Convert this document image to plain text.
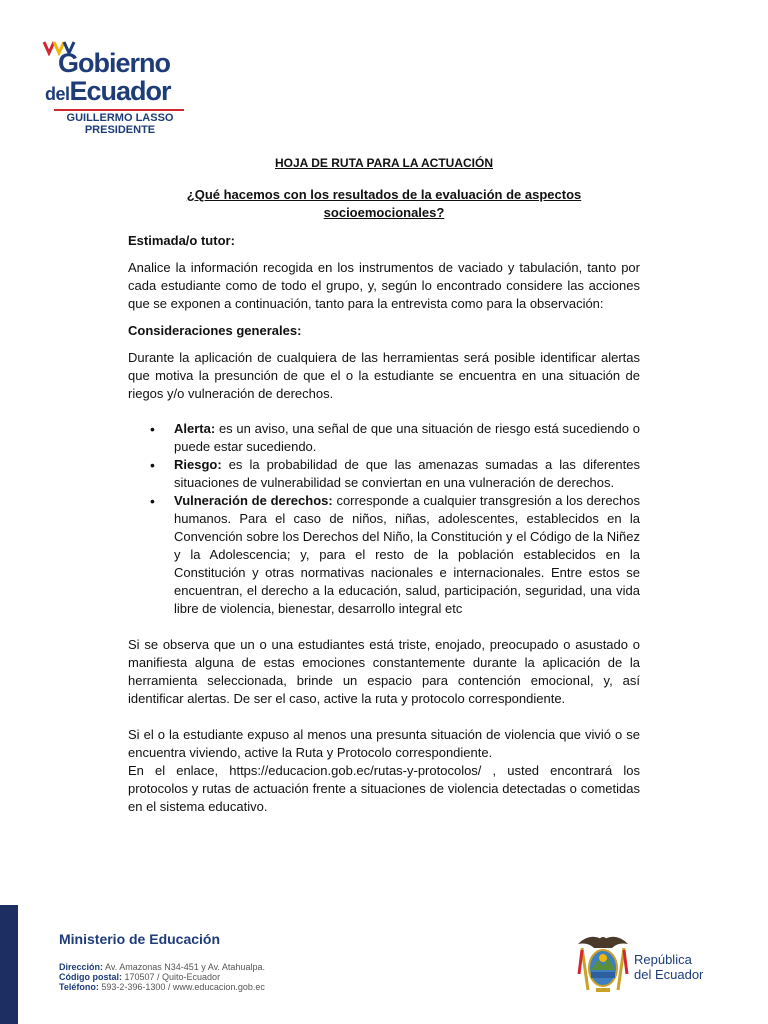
Gobierno
delEcuador
GUILLERMO LASSO
PRESIDENTE

HOJA DE RUTA PARA LA ACTUACIÓN

¿Qué hacemos con los resultados de la evaluación de aspectos socioemocionales?

Estimada/o tutor:

Analice la información recogida en los instrumentos de vaciado y tabulación, tanto por cada estudiante como de todo el grupo, y, según lo encontrado considere las acciones que se exponen a continuación, tanto para la entrevista como para la observación:

Consideraciones generales:

Durante la aplicación de cualquiera de las herramientas será posible identificar alertas que motiva la presunción de que el o la estudiante se encuentra en una situación de riegos y/o vulneración de derechos.

• Alerta: es un aviso, una señal de que una situación de riesgo está sucediendo o puede estar sucediendo.
• Riesgo: es la probabilidad de que las amenazas sumadas a las diferentes situaciones de vulnerabilidad se conviertan en una vulneración de derechos.
• Vulneración de derechos: corresponde a cualquier transgresión a los derechos humanos. Para el caso de niños, niñas, adolescentes, establecidos en la Convención sobre los Derechos del Niño, la Constitución y el Código de la Niñez y la Adolescencia; y, para el resto de la población establecidos en la Constitución y otras normativas nacionales e internacionales. Entre estos se encuentran, el derecho a la educación, salud, participación, seguridad, una vida libre de violencia, bienestar, desarrollo integral etc

Si se observa que un o una estudiantes está triste, enojado, preocupado o asustado o manifiesta alguna de estas emociones constantemente durante la aplicación de la herramienta seleccionada, brinde un espacio para contención emocional, y, así identificar alertas. De ser el caso, active la ruta y protocolo correspondiente.

Si el o la estudiante expuso al menos una presunta situación de violencia que vivió o se encuentra viviendo, active la Ruta y Protocolo correspondiente.

En el enlace, https://educacion.gob.ec/rutas-y-protocolos/ , usted encontrará los protocolos y rutas de actuación frente a situaciones de violencia detectadas o cometidas en el sistema educativo.

Ministerio de Educación
Dirección: Av. Amazonas N34-451 y Av. Atahualpa.
Código postal: 170507 / Quito-Ecuador
Teléfono: 593-2-396-1300 / www.educacion.gob.ec
República
del Ecuador
